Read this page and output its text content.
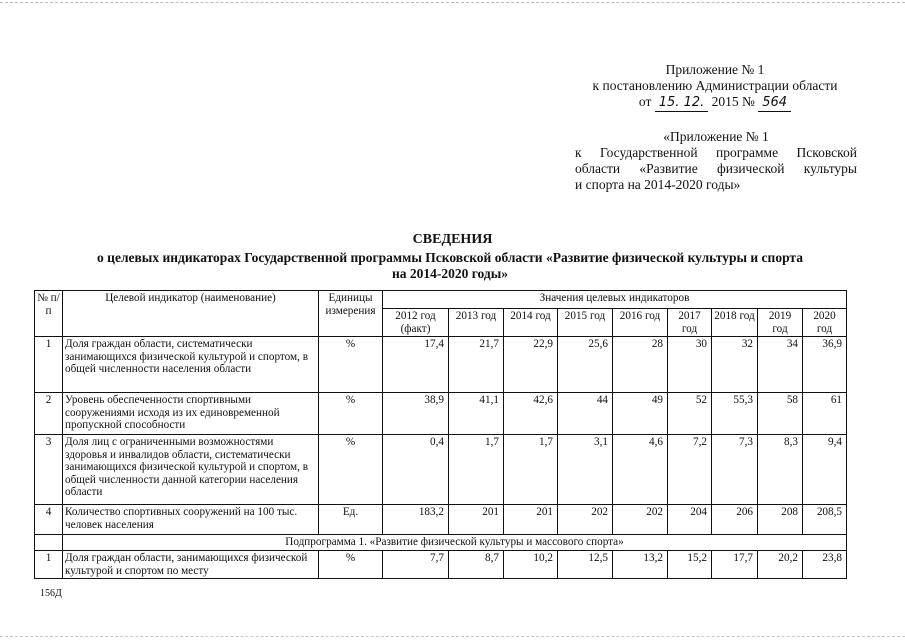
Приложение № 1
к постановлению Администрации области
от 15. 12. 2015 № 564
«Приложение № 1
к Государственной программе Псковской
области «Развитие физической культуры
и спорта на 2014-2020 годы»
СВЕДЕНИЯ
о целевых индикаторах Государственной программы Псковской области «Развитие физической культуры и спорта
на 2014-2020 годы»
№ п/п	Целевой индикатор (наименование)	Единицы измерения	Значения целевых индикаторов								
			2012 год (факт)	2013 год	2014 год	2015 год	2016 год	2017 год	2018 год	2019 год	2020 год
1	Доля граждан области, систематически занимающихся физической культурой и спортом, в общей численности населения области	%	17,4	21,7	22,9	25,6	28	30	32	34	36,9
2	Уровень обеспеченности спортивными сооружениями исходя из их единовременной пропускной способности	%	38,9	41,1	42,6	44	49	52	55,3	58	61
3	Доля лиц с ограниченными возможностями здоровья и инвалидов области, систематически занимающихся физической культурой и спортом, в общей численности данной категории населения области	%	0,4	1,7	1,7	3,1	4,6	7,2	7,3	8,3	9,4
4	Количество спортивных сооружений на 100 тыс. человек населения	Ед.	183,2	201	201	202	202	204	206	208	208,5
	Подпрограмма 1. «Развитие физической культуры и массового спорта»										
1	Доля граждан области, занимающихся физической культурой и спортом по месту	%	7,7	8,7	10,2	12,5	13,2	15,2	17,7	20,2	23,8
156Д
